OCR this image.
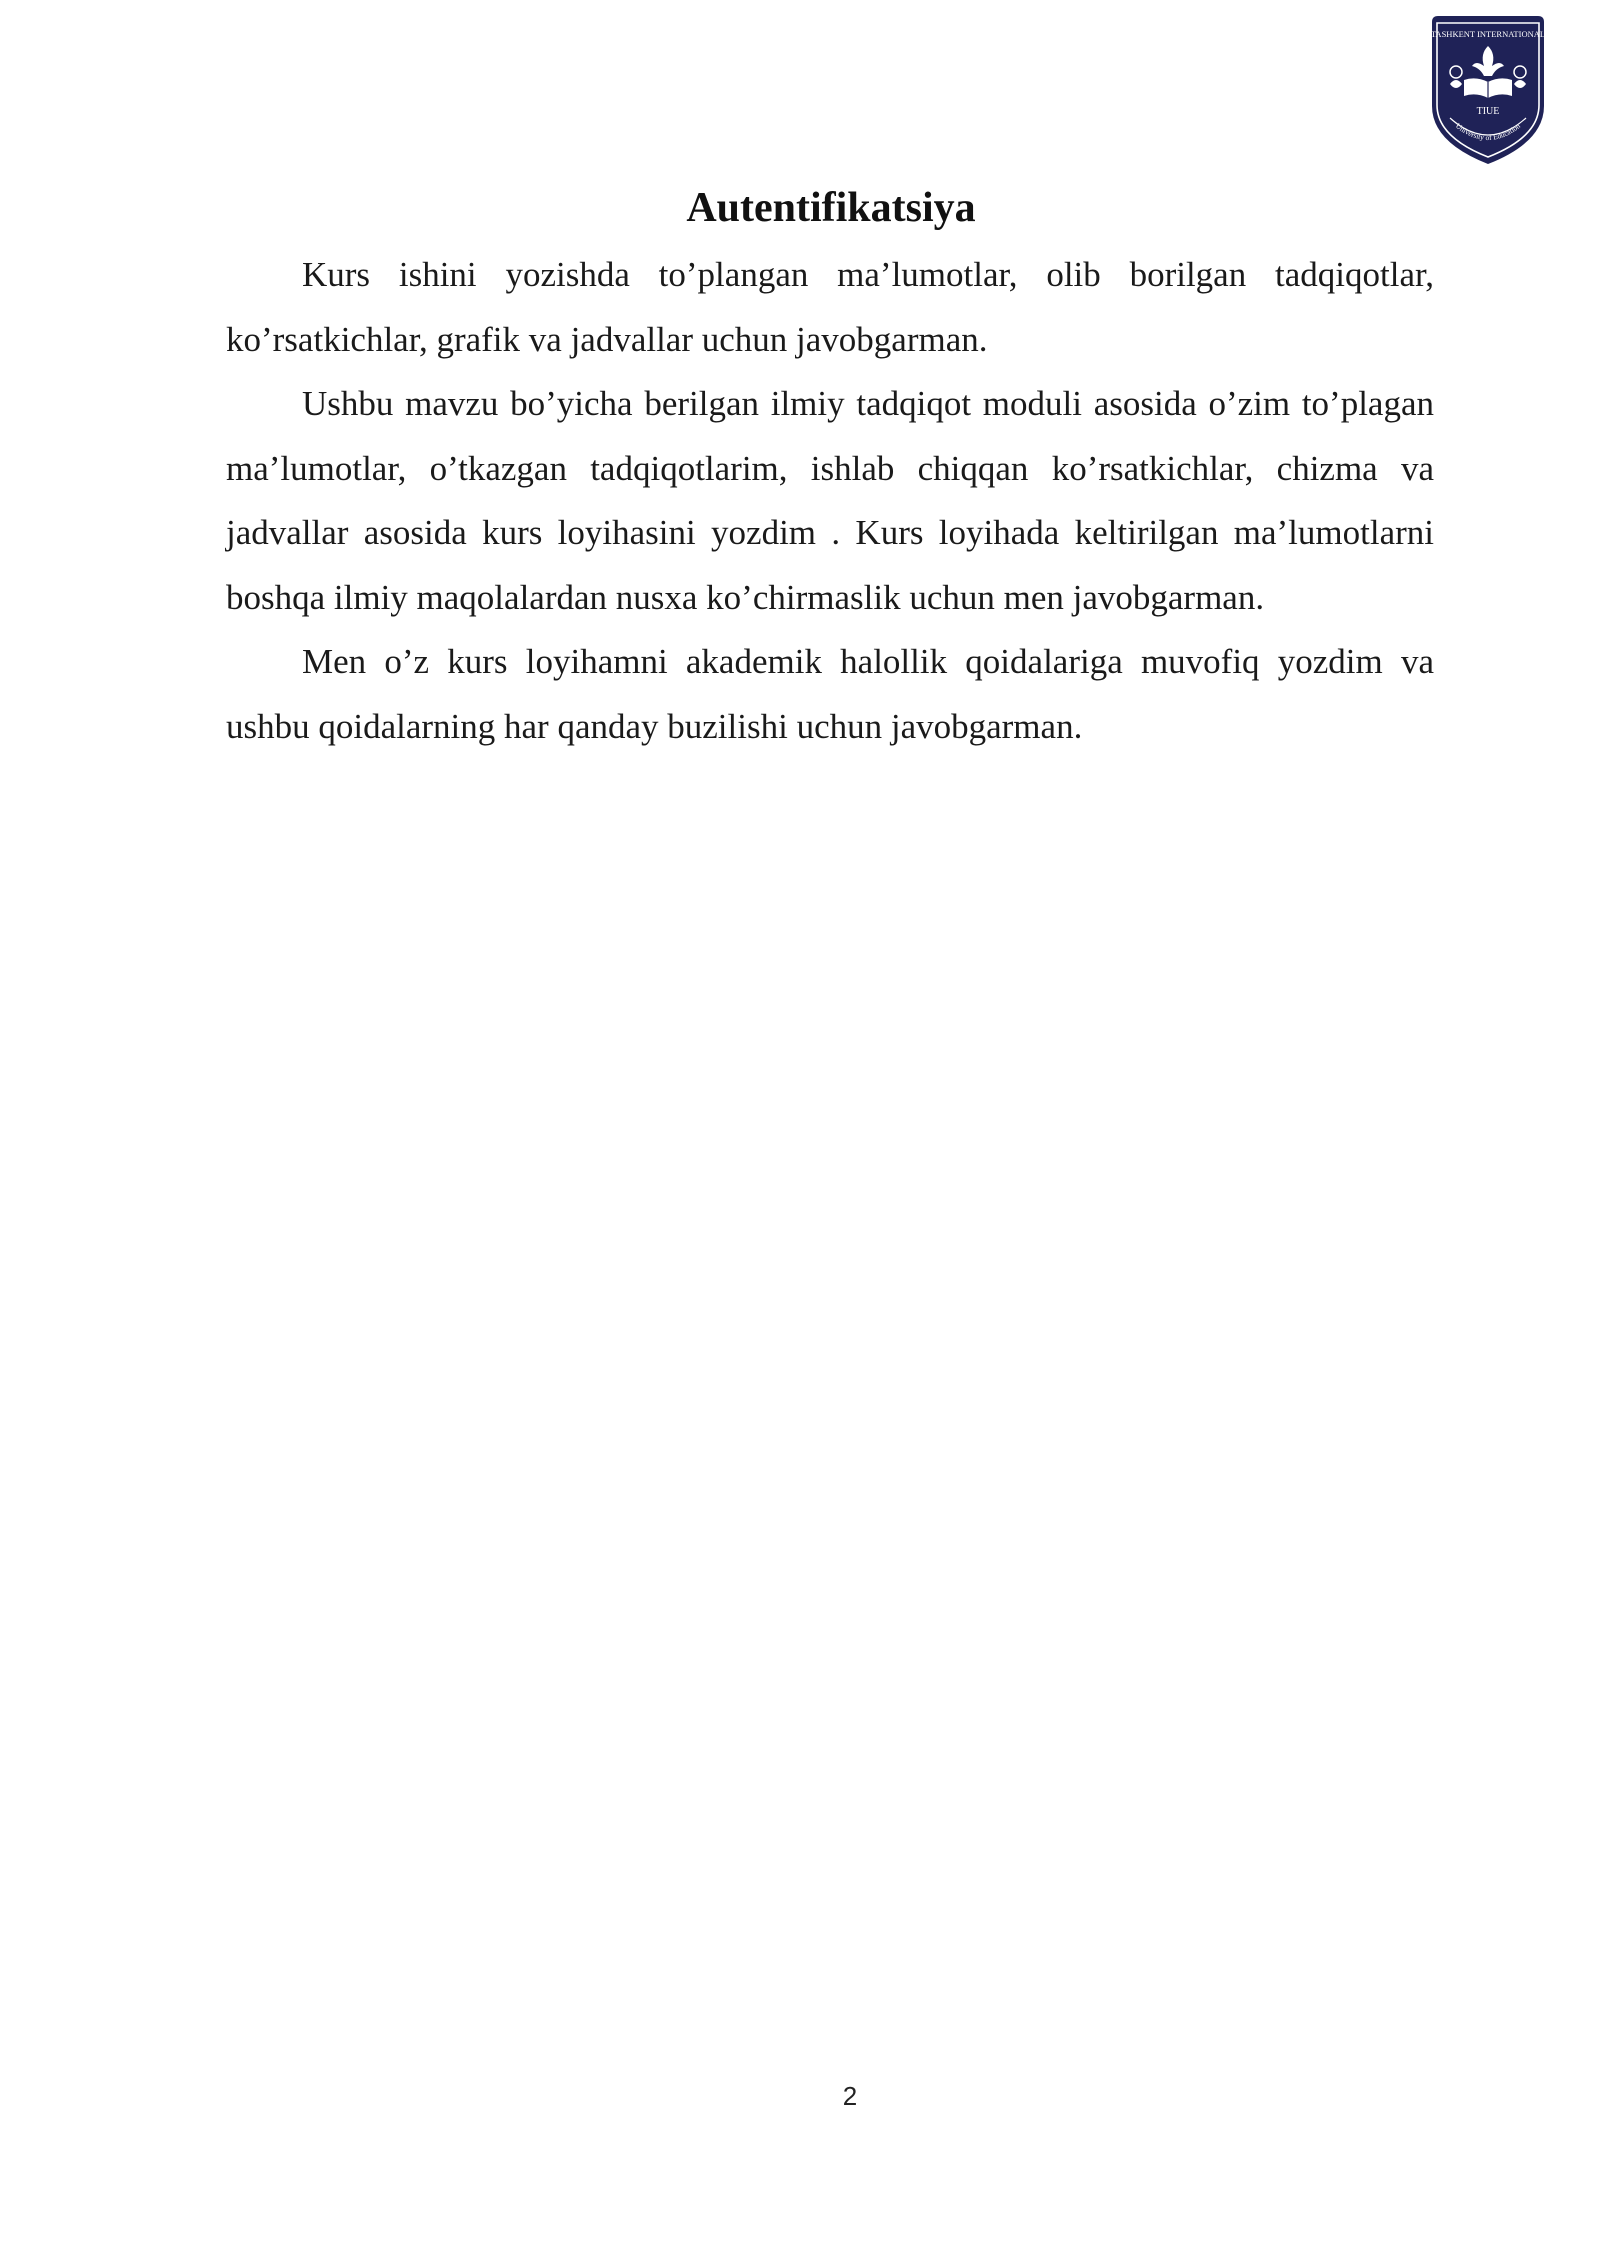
TASHKENT INTERNATIONAL
TIUE
University of Education
Autentifikatsiya

Kurs ishini yozishda to’plangan ma’lumotlar, olib borilgan tadqiqotlar, ko’rsatkichlar, grafik va jadvallar uchun javobgarman.

Ushbu mavzu bo’yicha berilgan ilmiy tadqiqot moduli asosida o’zim to’plagan ma’lumotlar, o’tkazgan tadqiqotlarim, ishlab chiqqan ko’rsatkichlar, chizma va jadvallar asosida kurs loyihasini yozdim . Kurs loyihada keltirilgan ma’lumotlarni boshqa ilmiy maqolalardan nusxa ko’chirmaslik uchun men javobgarman.

Men o’z kurs loyihamni akademik halollik qoidalariga muvofiq yozdim va ushbu qoidalarning har qanday buzilishi uchun javobgarman.

2
